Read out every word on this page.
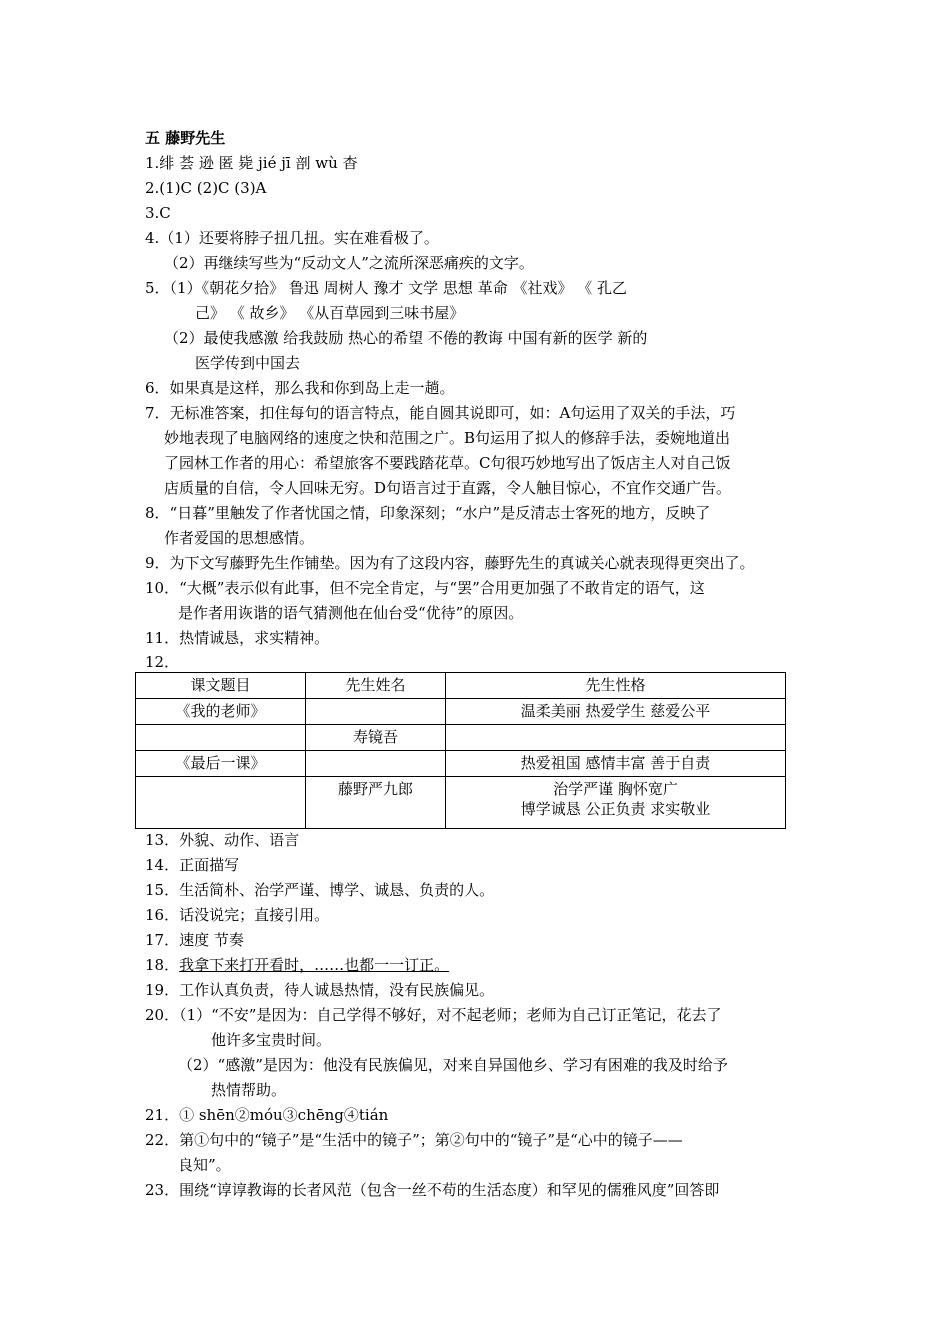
五 藤野先生
1.绯 荟 逊 匿 毙 jié jī 剖 wù 杳
2.(1)C (2)C (3)A
3.C
4.（1）还要将脖子扭几扭。实在难看极了。
（2）再继续写些为“反动文人”之流所深恶痛疾的文字。
5．（1）《朝花夕拾》 鲁迅 周树人 豫才 文学 思想 革命 《社戏》 《 孔乙
己》 《 故乡》 《从百草园到三味书屋》
（2）最使我感激 给我鼓励 热心的希望 不倦的教诲 中国有新的医学 新的
医学传到中国去
6．如果真是这样，那么我和你到岛上走一趟。
7．无标准答案，扣住每句的语言特点，能自圆其说即可，如：A句运用了双关的手法，巧
妙地表现了电脑网络的速度之快和范围之广。B句运用了拟人的修辞手法，委婉地道出
了园林工作者的用心：希望旅客不要践踏花草。C句很巧妙地写出了饭店主人对自己饭
店质量的自信，令人回味无穷。D句语言过于直露，令人触目惊心，不宜作交通广告。
8．“日暮”里触发了作者忧国之情，印象深刻；“水户”是反清志士客死的地方，反映了
作者爱国的思想感情。
9．为下文写藤野先生作铺垫。因为有了这段内容，藤野先生的真诚关心就表现得更突出了。
10．“大概”表示似有此事，但不完全肯定，与“罢”合用更加强了不敢肯定的语气，这
是作者用诙谐的语气猜测他在仙台受“优待”的原因。
11．热情诚恳，求实精神。
12．
课文题目	先生姓名	先生性格
《我的老师》		温柔美丽 热爱学生 慈爱公平
	寿镜吾	
《最后一课》		热爱祖国 感情丰富 善于自责
	藤野严九郎	治学严谨 胸怀宽广
博学诚恳 公正负责 求实敬业
13．外貌、动作、语言
14．正面描写
15．生活简朴、治学严谨、博学、诚恳、负责的人。
16．话没说完；直接引用。
17．速度 节奏
18．我拿下来打开看时，……也都一一订正。
19．工作认真负责，待人诚恳热情，没有民族偏见。
20．（1）“不安”是因为：自己学得不够好，对不起老师；老师为自己订正笔记，花去了
他许多宝贵时间。
（2）“感激”是因为：他没有民族偏见，对来自异国他乡、学习有困难的我及时给予
热情帮助。
21．① shēn②móu③chēng④tián
22．第①句中的“镜子”是“生活中的镜子”；第②句中的“镜子”是“心中的镜子——
良知”。
23．围绕“谆谆教诲的长者风范（包含一丝不苟的生活态度）和罕见的儒雅风度”回答即
